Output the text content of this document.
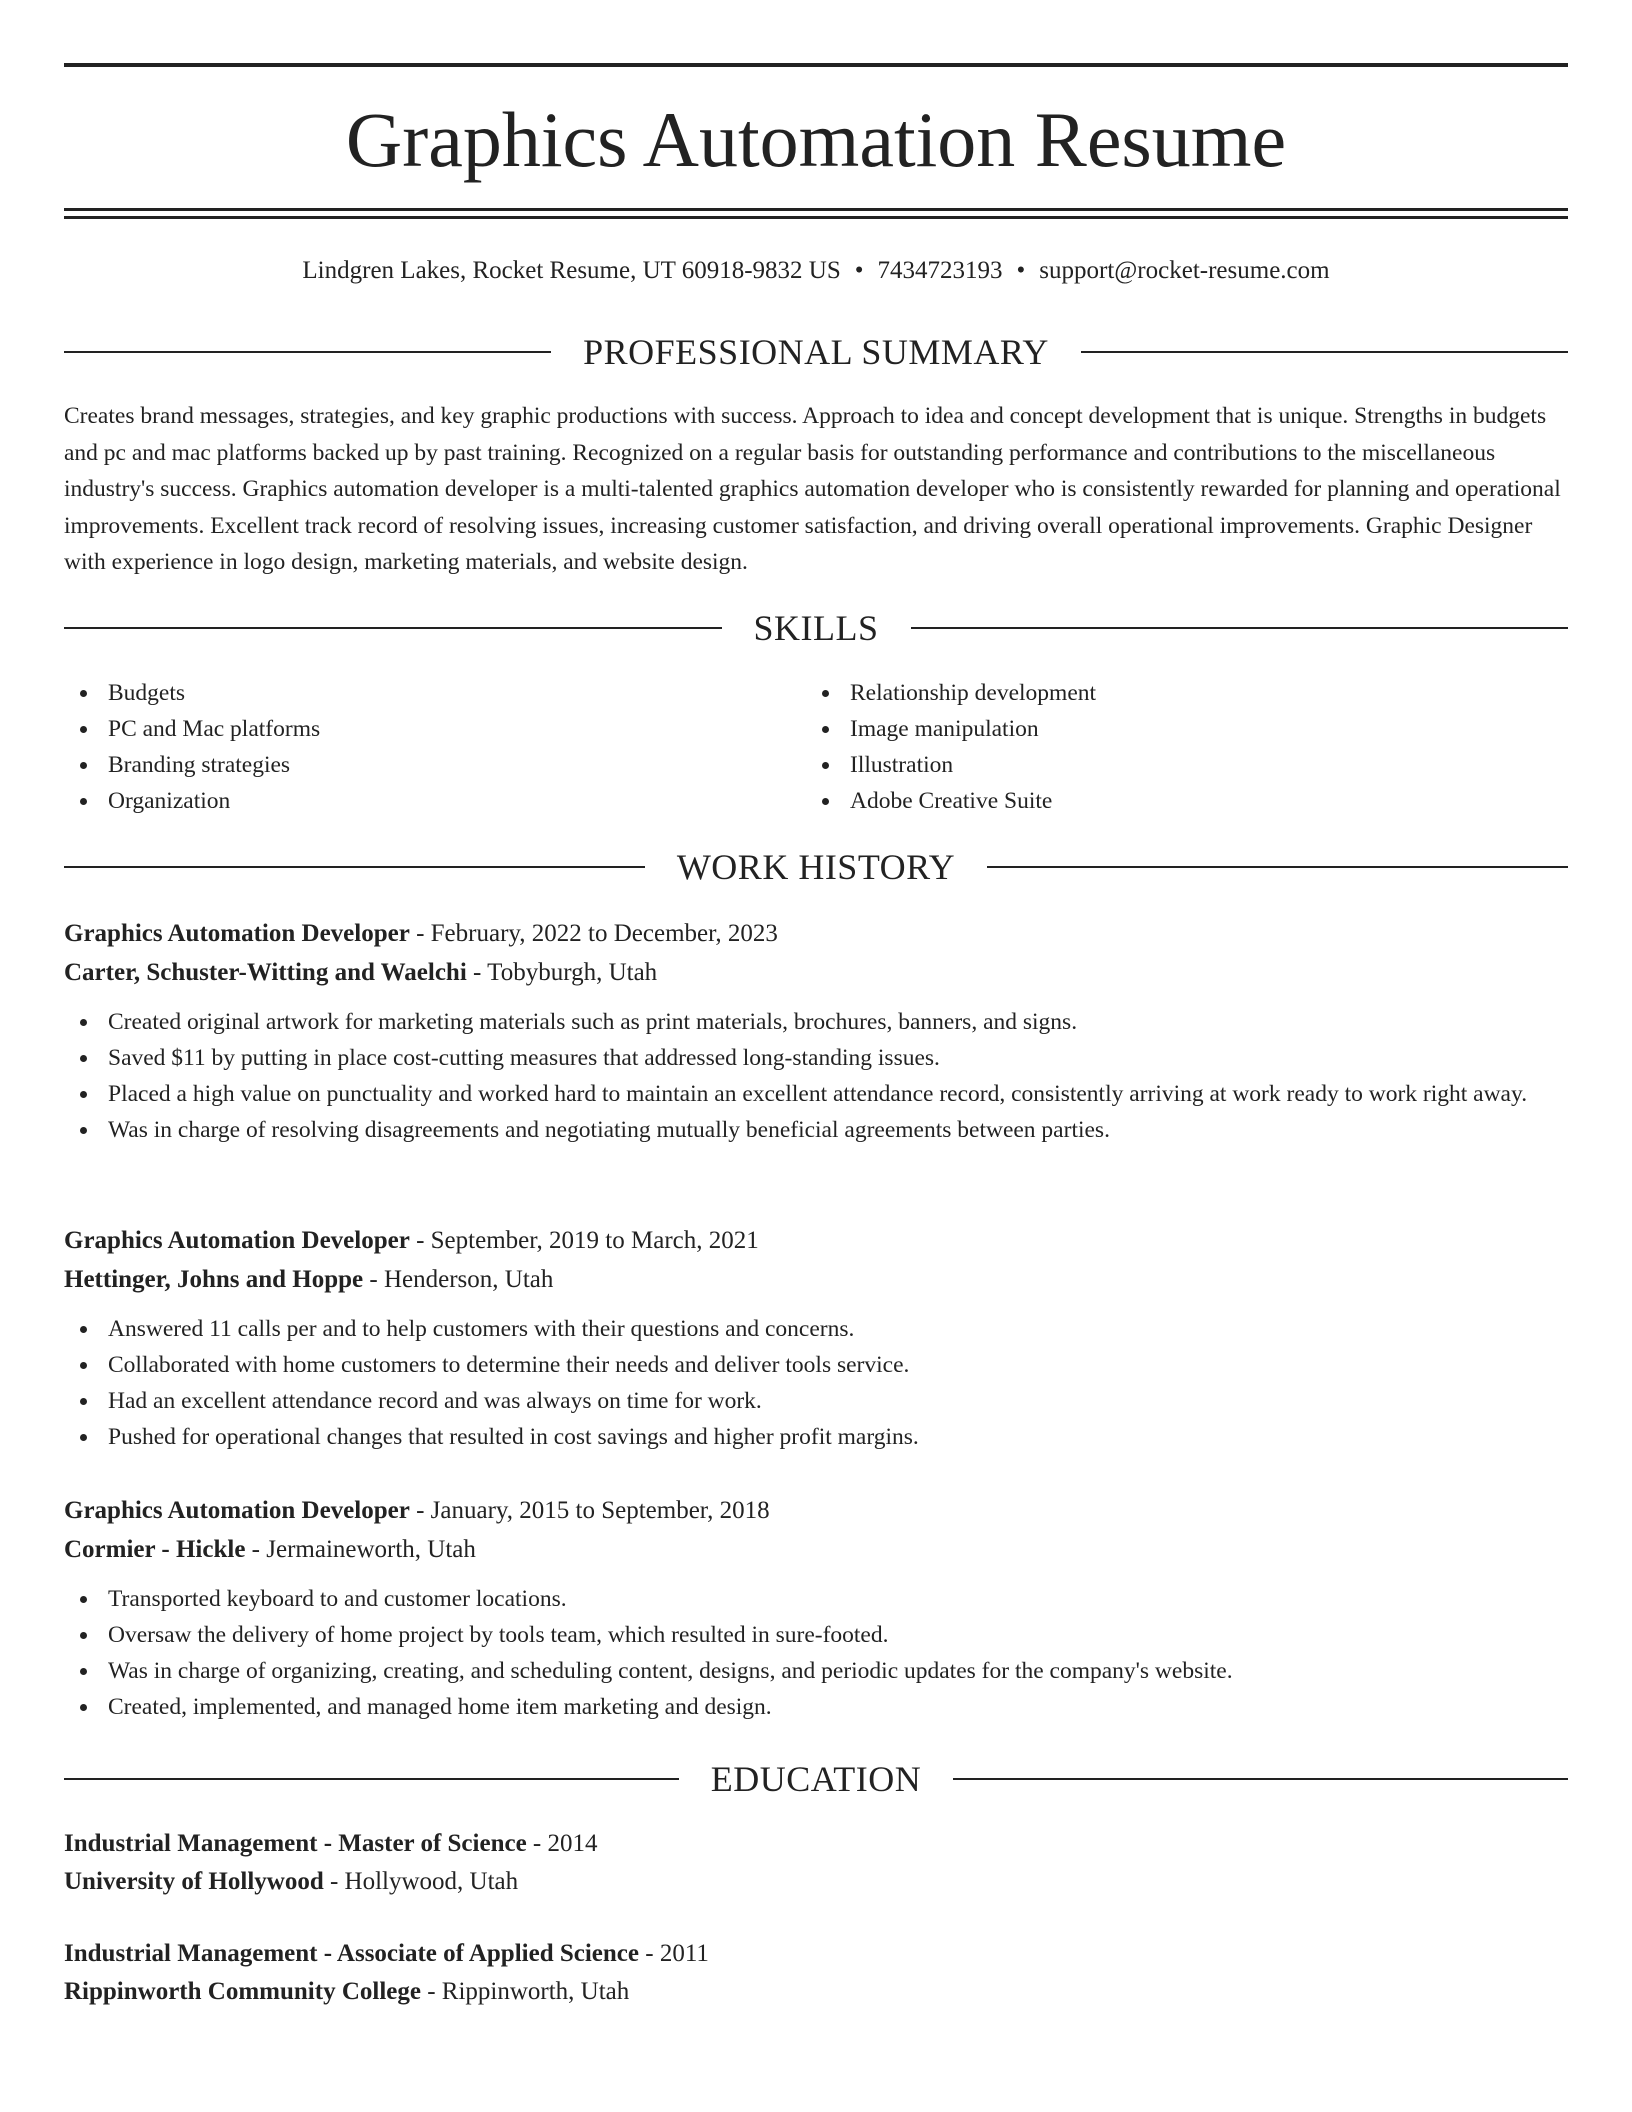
Graphics Automation Resume
Lindgren Lakes, Rocket Resume, UT 60918-9832 US • 7434723193 • support@rocket-resume.com
PROFESSIONAL SUMMARY

Creates brand messages, strategies, and key graphic productions with success. Approach to idea and concept development that is unique. Strengths in budgets and pc and mac platforms backed up by past training. Recognized on a regular basis for outstanding performance and contributions to the miscellaneous industry's success. Graphics automation developer is a multi-talented graphics automation developer who is consistently rewarded for planning and operational improvements. Excellent track record of resolving issues, increasing customer satisfaction, and driving overall operational improvements. Graphic Designer with experience in logo design, marketing materials, and website design.

SKILLS
Budgets
PC and Mac platforms
Branding strategies
Organization
Relationship development
Image manipulation
Illustration
Adobe Creative Suite
WORK HISTORY
Graphics Automation Developer - February, 2022 to December, 2023
Carter, Schuster-Witting and Waelchi - Tobyburgh, Utah
Created original artwork for marketing materials such as print materials, brochures, banners, and signs.
Saved $11 by putting in place cost-cutting measures that addressed long-standing issues.
Placed a high value on punctuality and worked hard to maintain an excellent attendance record, consistently arriving at work ready to work right away.
Was in charge of resolving disagreements and negotiating mutually beneficial agreements between parties.
Graphics Automation Developer - September, 2019 to March, 2021
Hettinger, Johns and Hoppe - Henderson, Utah
Answered 11 calls per and to help customers with their questions and concerns.
Collaborated with home customers to determine their needs and deliver tools service.
Had an excellent attendance record and was always on time for work.
Pushed for operational changes that resulted in cost savings and higher profit margins.
Graphics Automation Developer - January, 2015 to September, 2018
Cormier - Hickle - Jermaineworth, Utah
Transported keyboard to and customer locations.
Oversaw the delivery of home project by tools team, which resulted in sure-footed.
Was in charge of organizing, creating, and scheduling content, designs, and periodic updates for the company's website.
Created, implemented, and managed home item marketing and design.
EDUCATION
Industrial Management - Master of Science - 2014
University of Hollywood - Hollywood, Utah
Industrial Management - Associate of Applied Science - 2011
Rippinworth Community College - Rippinworth, Utah
